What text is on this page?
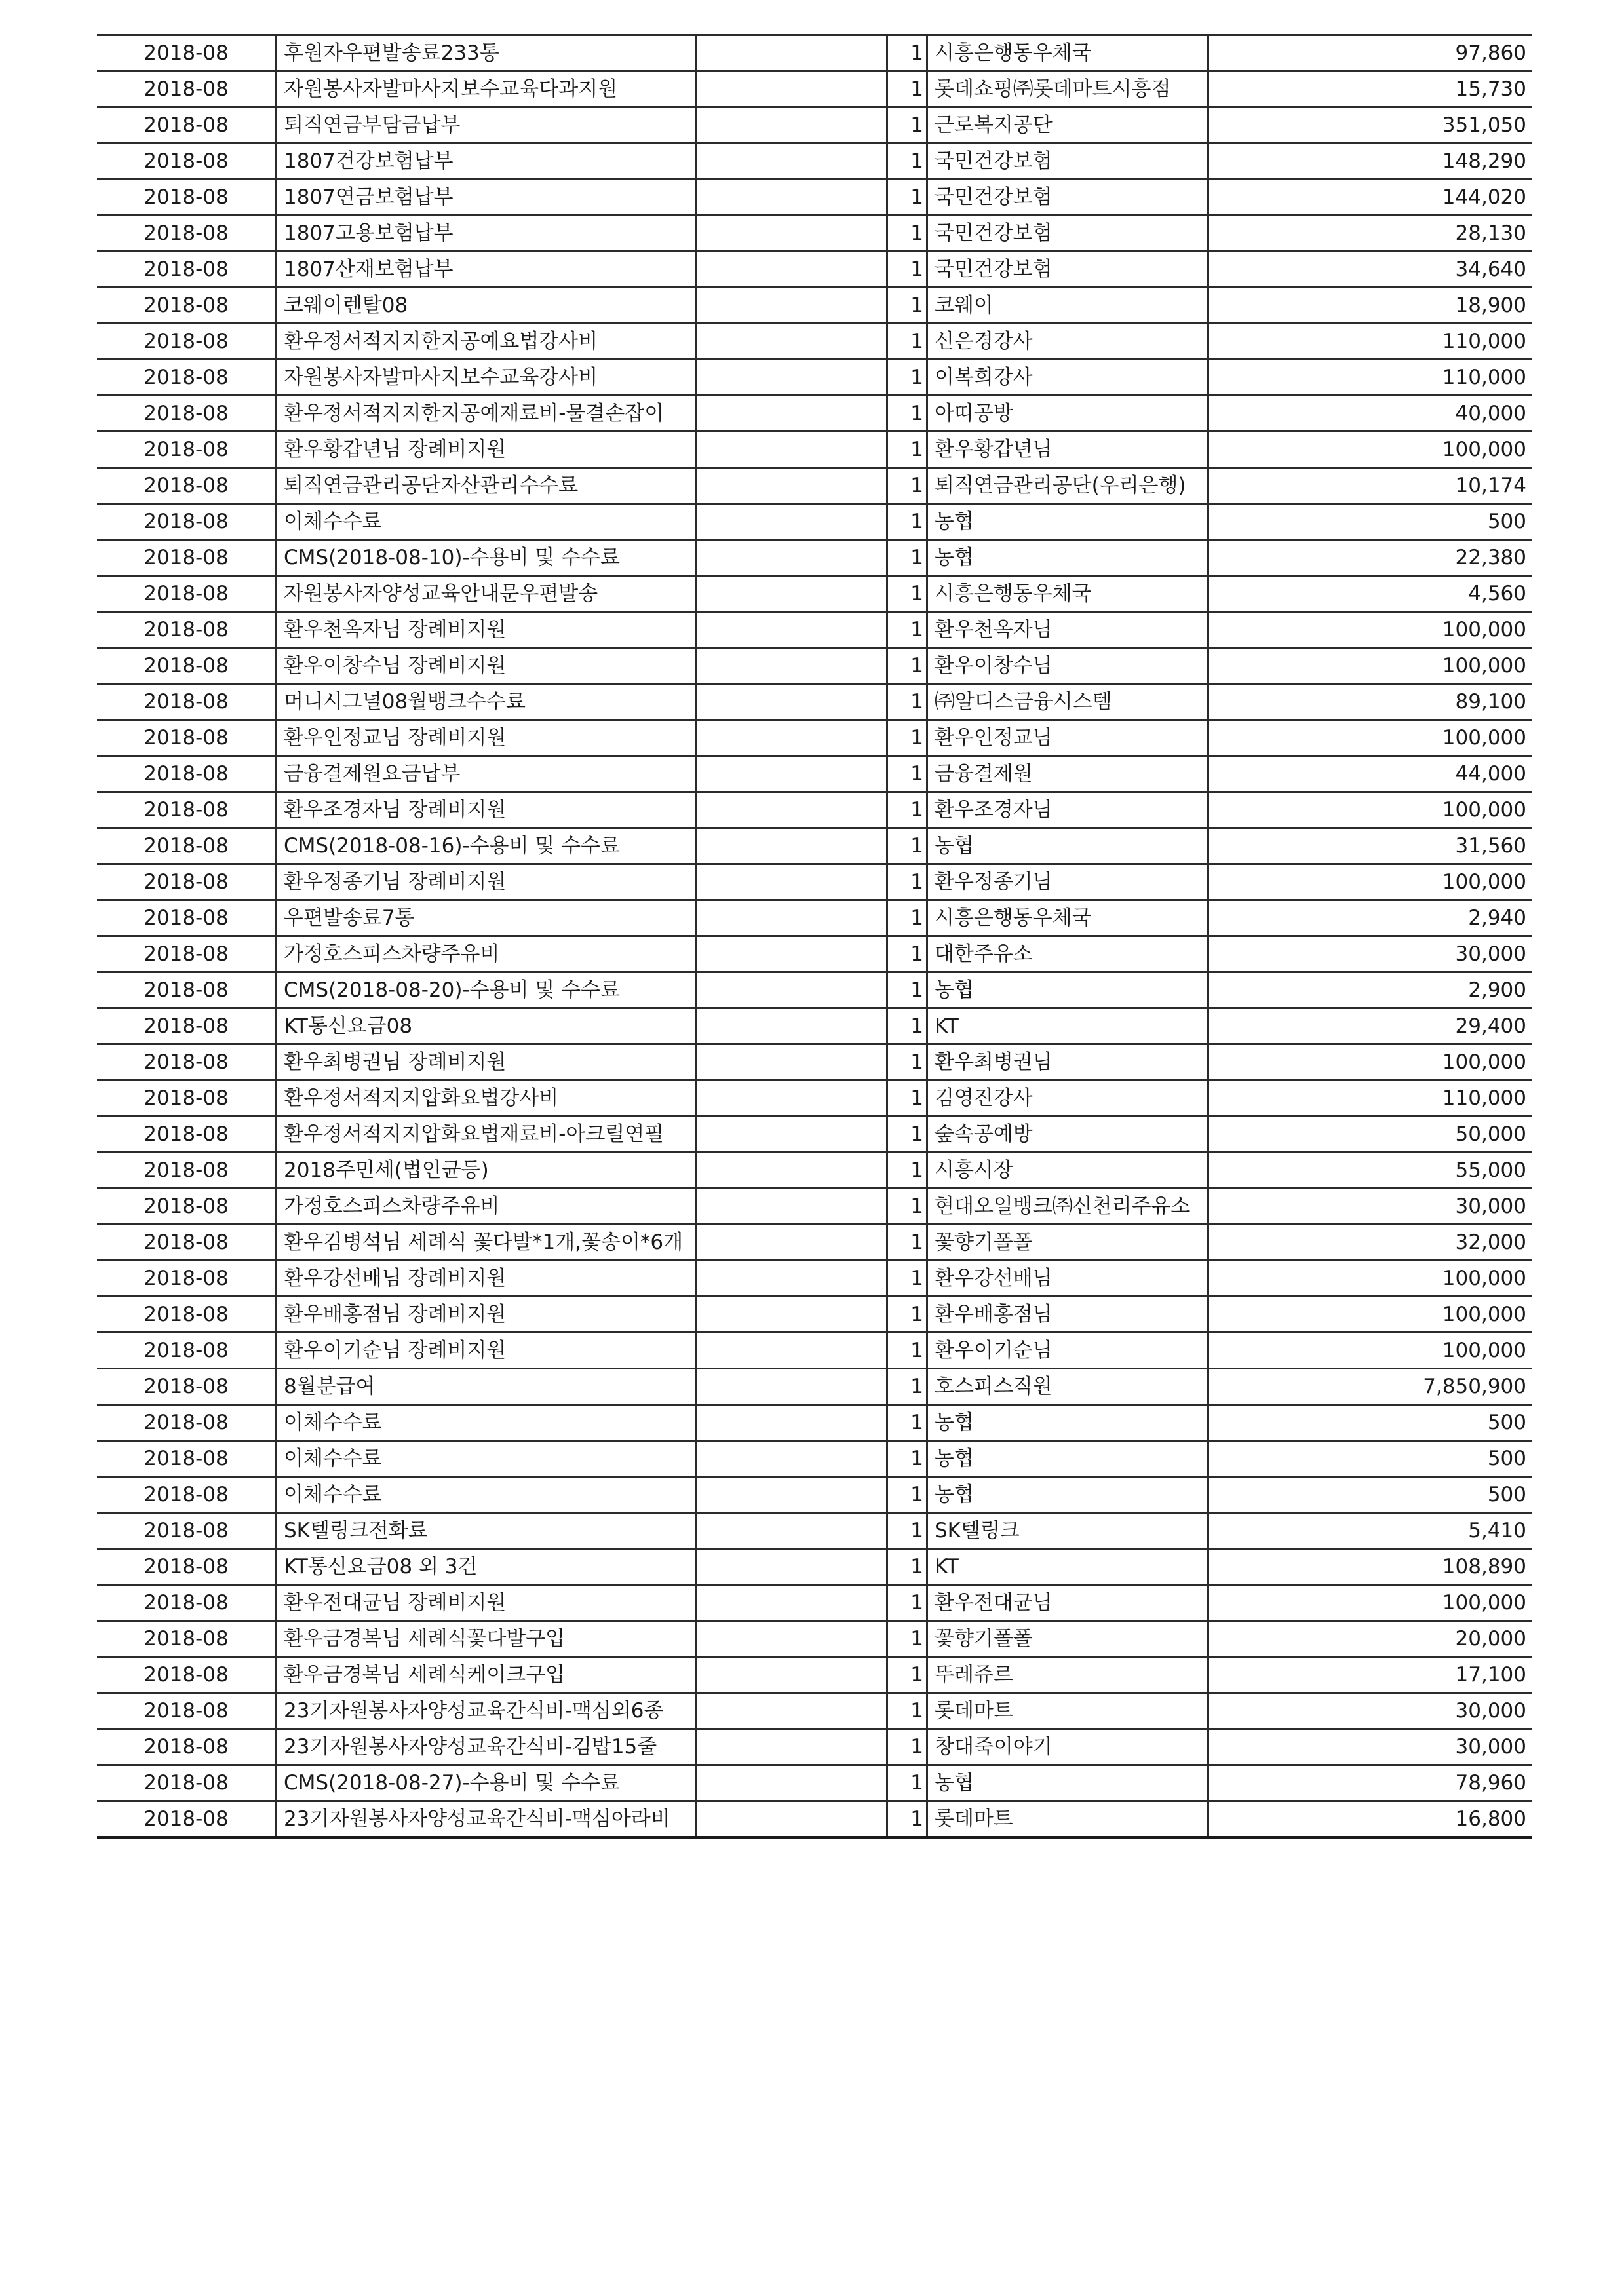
2018-08	후원자우편발송료233통		1	시흥은행동우체국	97,860
2018-08	자원봉사자발마사지보수교육다과지원		1	롯데쇼핑㈜롯데마트시흥점	15,730
2018-08	퇴직연금부담금납부		1	근로복지공단	351,050
2018-08	1807건강보험납부		1	국민건강보험	148,290
2018-08	1807연금보험납부		1	국민건강보험	144,020
2018-08	1807고용보험납부		1	국민건강보험	28,130
2018-08	1807산재보험납부		1	국민건강보험	34,640
2018-08	코웨이렌탈08		1	코웨이	18,900
2018-08	환우정서적지지한지공예요법강사비		1	신은경강사	110,000
2018-08	자원봉사자발마사지보수교육강사비		1	이복희강사	110,000
2018-08	환우정서적지지한지공예재료비-물결손잡이		1	아띠공방	40,000
2018-08	환우황갑년님 장례비지원		1	환우황갑년님	100,000
2018-08	퇴직연금관리공단자산관리수수료		1	퇴직연금관리공단(우리은행)	10,174
2018-08	이체수수료		1	농협	500
2018-08	CMS(2018-08-10)-수용비 및 수수료		1	농협	22,380
2018-08	자원봉사자양성교육안내문우편발송		1	시흥은행동우체국	4,560
2018-08	환우천옥자님 장례비지원		1	환우천옥자님	100,000
2018-08	환우이창수님 장례비지원		1	환우이창수님	100,000
2018-08	머니시그널08월뱅크수수료		1	㈜알디스금융시스템	89,100
2018-08	환우인정교님 장례비지원		1	환우인정교님	100,000
2018-08	금융결제원요금납부		1	금융결제원	44,000
2018-08	환우조경자님 장례비지원		1	환우조경자님	100,000
2018-08	CMS(2018-08-16)-수용비 및 수수료		1	농협	31,560
2018-08	환우정종기님 장례비지원		1	환우정종기님	100,000
2018-08	우편발송료7통		1	시흥은행동우체국	2,940
2018-08	가정호스피스차량주유비		1	대한주유소	30,000
2018-08	CMS(2018-08-20)-수용비 및 수수료		1	농협	2,900
2018-08	KT통신요금08		1	KT	29,400
2018-08	환우최병권님 장례비지원		1	환우최병권님	100,000
2018-08	환우정서적지지압화요법강사비		1	김영진강사	110,000
2018-08	환우정서적지지압화요법재료비-아크릴연필		1	숲속공예방	50,000
2018-08	2018주민세(법인균등)		1	시흥시장	55,000
2018-08	가정호스피스차량주유비		1	현대오일뱅크㈜신천리주유소	30,000
2018-08	환우김병석님 세례식 꽃다발*1개,꽃송이*6개		1	꽃향기폴폴	32,000
2018-08	환우강선배님 장례비지원		1	환우강선배님	100,000
2018-08	환우배홍점님 장례비지원		1	환우배홍점님	100,000
2018-08	환우이기순님 장례비지원		1	환우이기순님	100,000
2018-08	8월분급여		1	호스피스직원	7,850,900
2018-08	이체수수료		1	농협	500
2018-08	이체수수료		1	농협	500
2018-08	이체수수료		1	농협	500
2018-08	SK텔링크전화료		1	SK텔링크	5,410
2018-08	KT통신요금08 외 3건		1	KT	108,890
2018-08	환우전대균님 장례비지원		1	환우전대균님	100,000
2018-08	환우금경복님 세례식꽃다발구입		1	꽃향기폴폴	20,000
2018-08	환우금경복님 세례식케이크구입		1	뚜레쥬르	17,100
2018-08	23기자원봉사자양성교육간식비-맥심외6종		1	롯데마트	30,000
2018-08	23기자원봉사자양성교육간식비-김밥15줄		1	창대죽이야기	30,000
2018-08	CMS(2018-08-27)-수용비 및 수수료		1	농협	78,960
2018-08	23기자원봉사자양성교육간식비-맥심아라비		1	롯데마트	16,800
